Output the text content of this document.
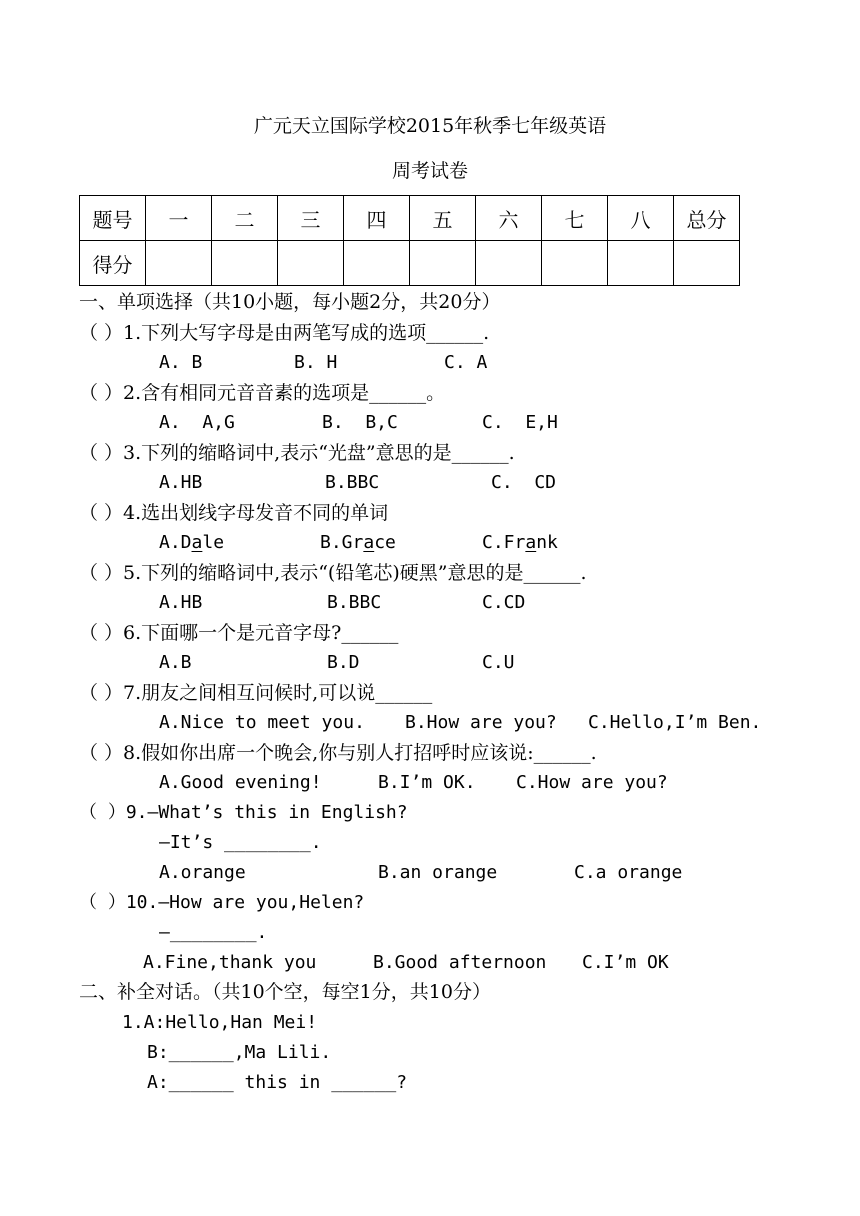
广元天立国际学校2015年秋季七年级英语
周考试卷
题号	一	二	三	四	五	六	七	八	总分
得分									
一、单项选择（共10小题，每小题2分，共20分）
（ ）1.下列大写字母是由两笔写成的选项______.
A. B	B. H	C. A
（ ）2.含有相同元音音素的选项是______。
A.  A,G	B.  B,C	C.  E,H
（ ）3.下列的缩略词中,表示“光盘”意思的是______.
A.HB	B.BBC	C.  CD
（ ）4.选出划线字母发音不同的单词
A.Dale	B.Grace	C.Frank
（ ）5.下列的缩略词中,表示“(铅笔芯)硬黑”意思的是______.
A.HB	B.BBC	C.CD
（ ）6.下面哪一个是元音字母?______
A.B	B.D	C.U
（ ）7.朋友之间相互问候时,可以说______
A.Nice to meet you. B.How are you? C.Hello,I’m Ben.
（ ）8.假如你出席一个晚会,你与别人打招呼时应该说:______.
A.Good evening!	B.I’m OK. C.How are you?
（ ）9.—What’s this in English?
—It’s ________.
A.orange	B.an orange	C.a orange
（ ）10.—How are you,Helen?
—________.
A.Fine,thank you	B.Good afternoon C.I’m OK
二、补全对话。（共10个空，每空1分，共10分）
1.A:Hello,Han Mei!
B:______,Ma Lili.
A:______ this in ______?
